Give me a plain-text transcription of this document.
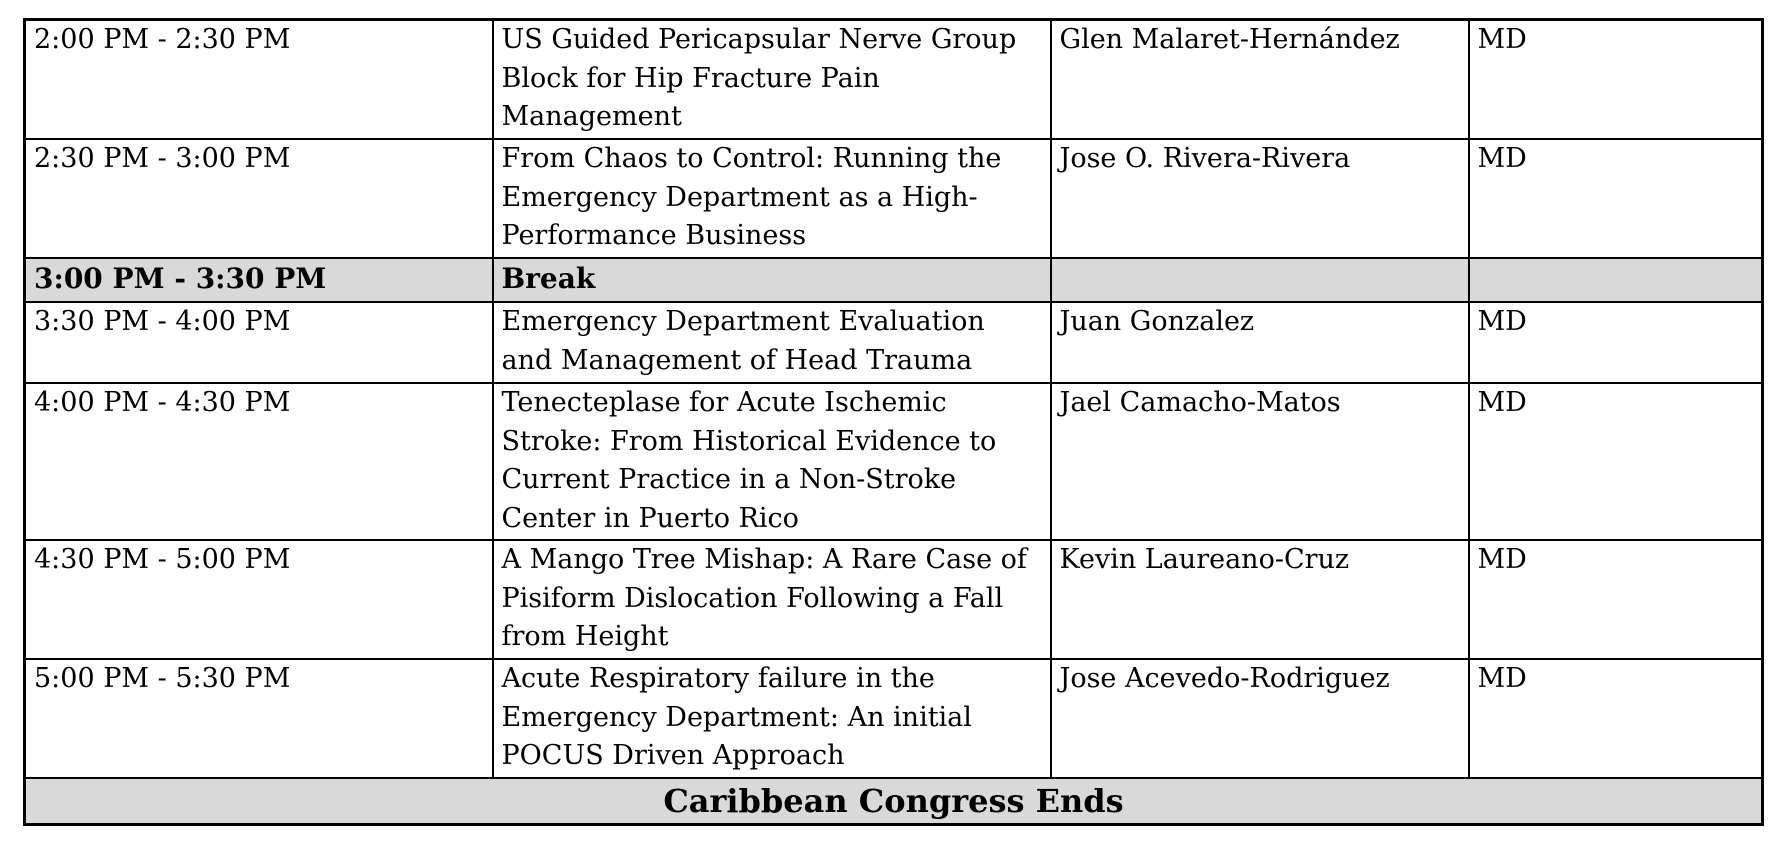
2:00 PM - 2:30 PM	US Guided Pericapsular Nerve Group Block for Hip Fracture Pain Management	Glen Malaret-Hernández	MD
2:30 PM - 3:00 PM	From Chaos to Control: Running the Emergency Department as a High-Performance Business	Jose O. Rivera-Rivera	MD
3:00 PM - 3:30 PM	Break		
3:30 PM - 4:00 PM	Emergency Department Evaluation and Management of Head Trauma	Juan Gonzalez	MD
4:00 PM - 4:30 PM	Tenecteplase for Acute Ischemic Stroke: From Historical Evidence to Current Practice in a Non-Stroke Center in Puerto Rico	Jael Camacho-Matos	MD
4:30 PM - 5:00 PM	A Mango Tree Mishap: A Rare Case of Pisiform Dislocation Following a Fall from Height	Kevin Laureano-Cruz	MD
5:00 PM - 5:30 PM	Acute Respiratory failure in the Emergency Department: An initial POCUS Driven Approach	Jose Acevedo-Rodriguez	MD
Caribbean Congress Ends			
